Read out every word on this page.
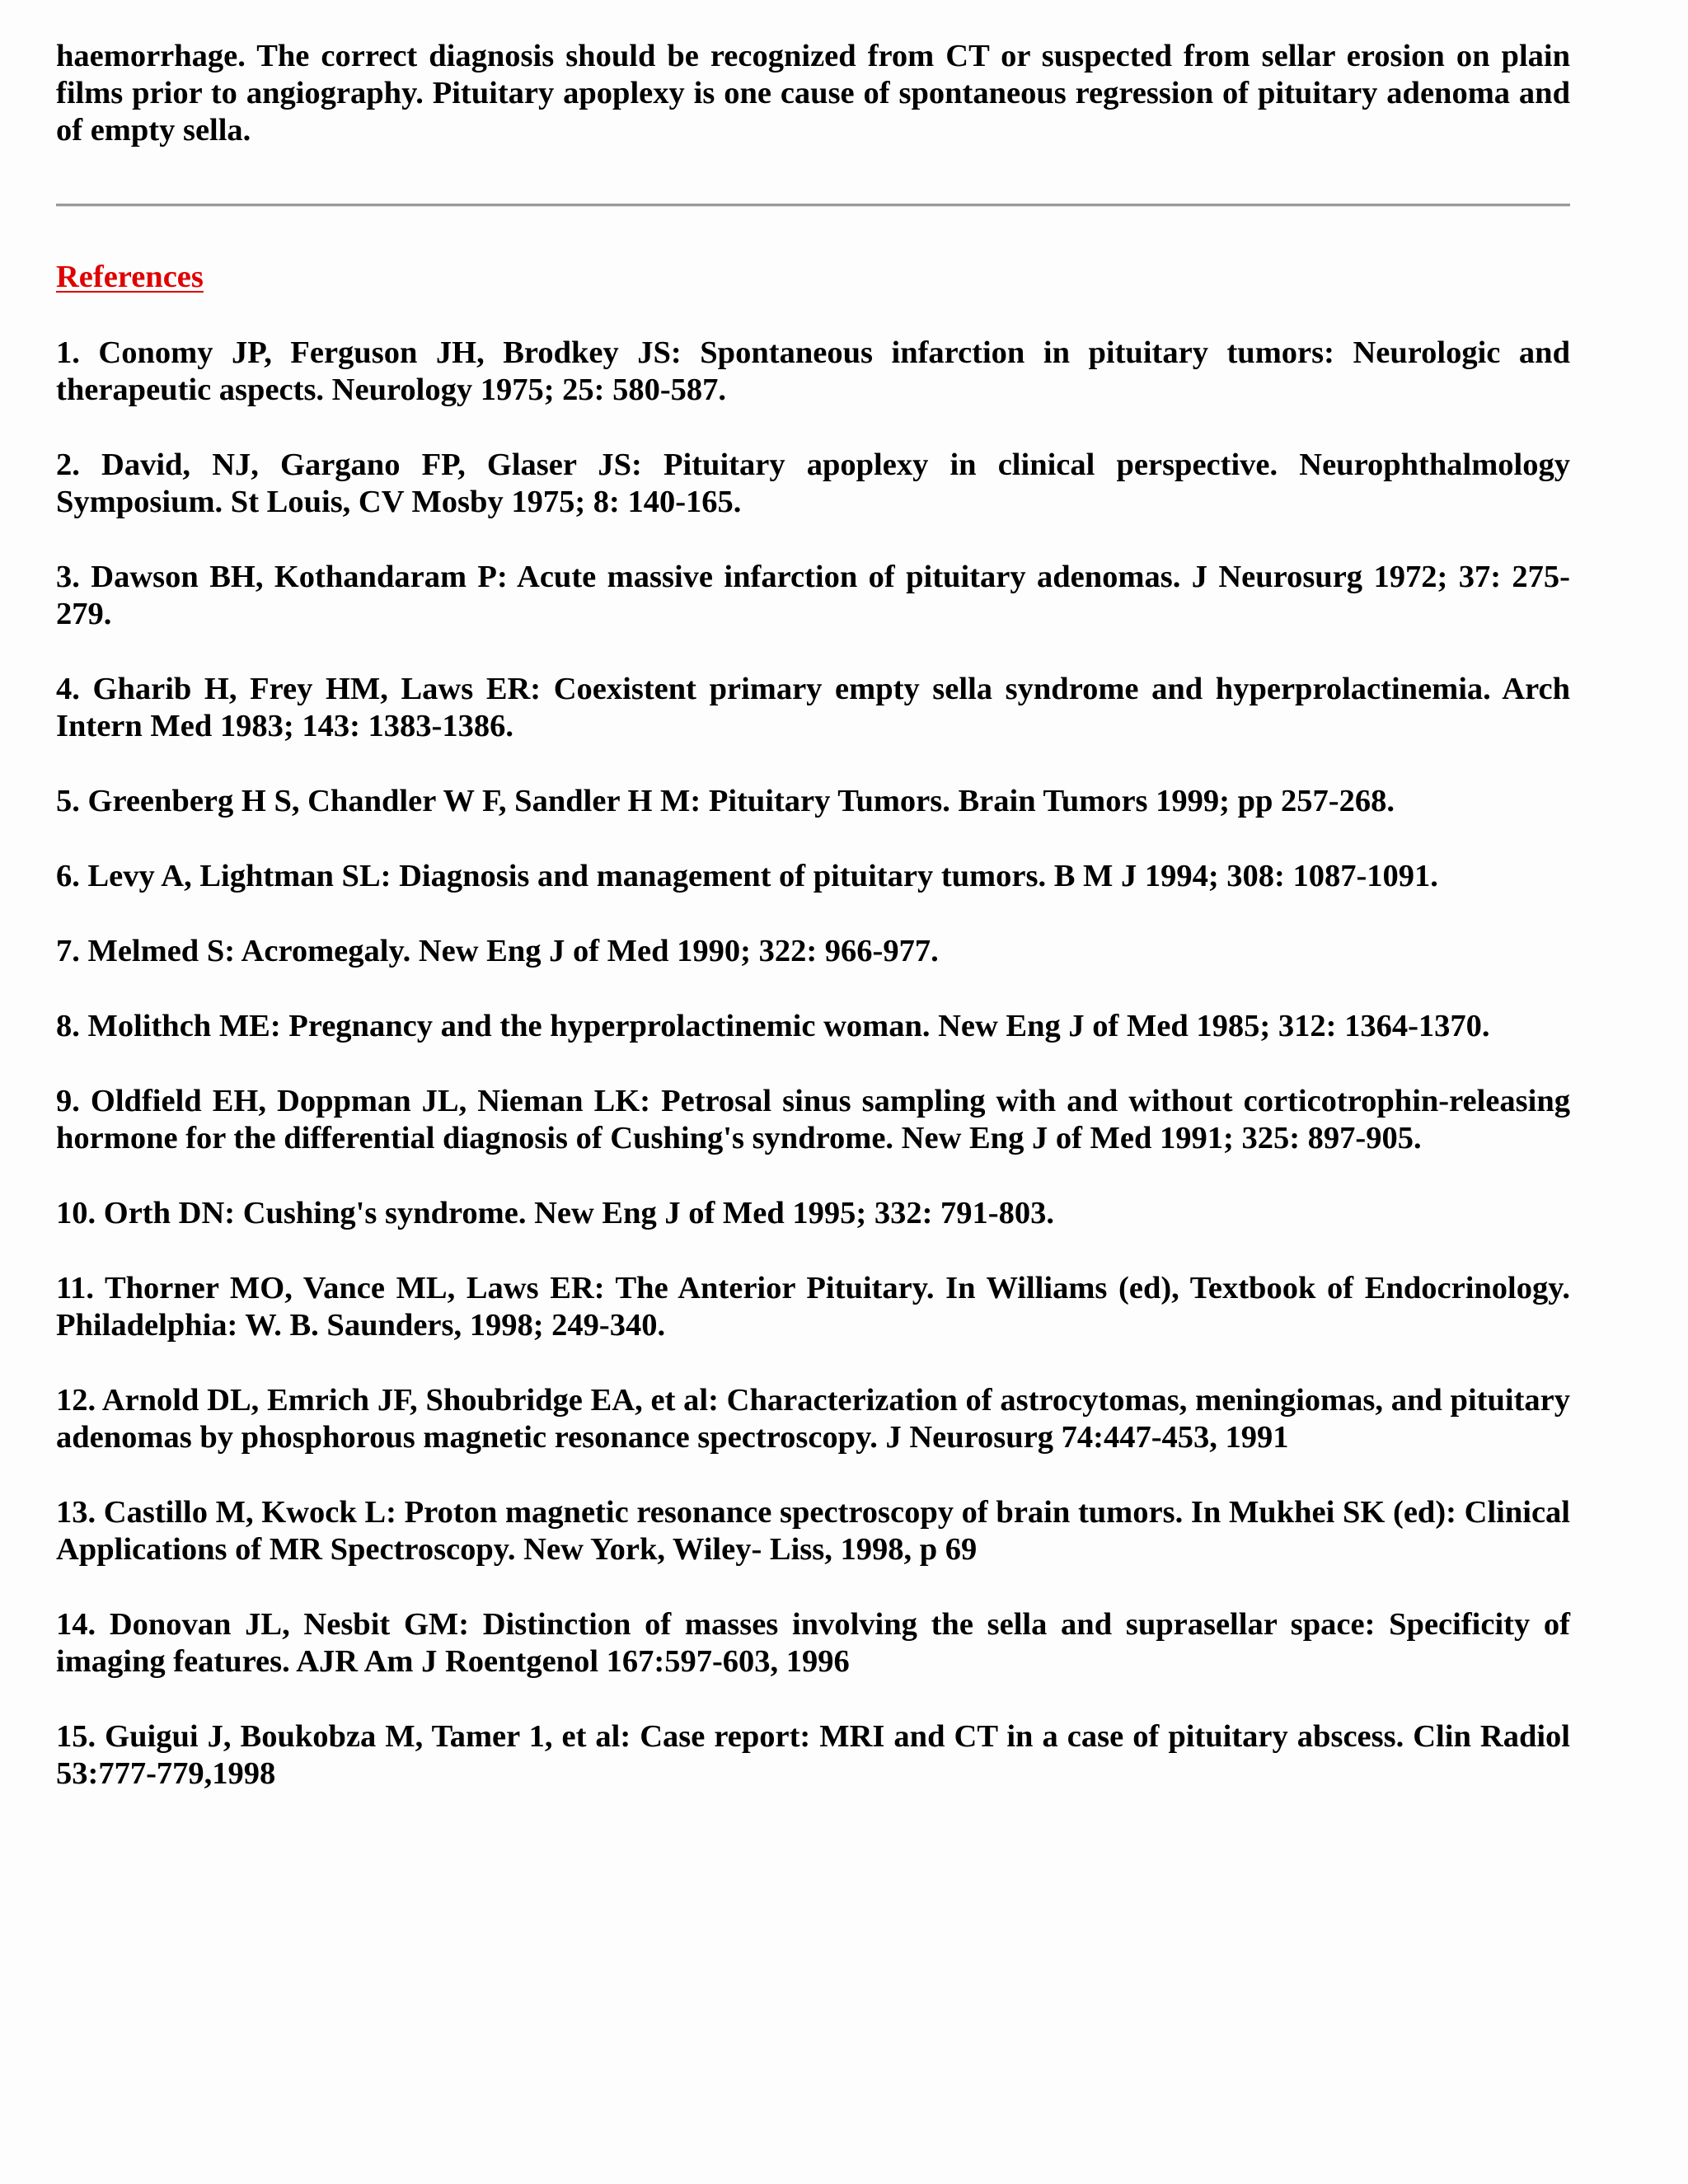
haemorrhage. The correct diagnosis should be recognized from CT or suspected from sellar erosion on plain films prior to angiography. Pituitary apoplexy is one cause of spontaneous regression of pituitary adenoma and of empty sella.

References
1. Conomy JP, Ferguson JH, Brodkey JS: Spontaneous infarction in pituitary tumors: Neurologic and therapeutic aspects. Neurology 1975; 25: 580-587.
2. David, NJ, Gargano FP, Glaser JS: Pituitary apoplexy in clinical perspective. Neurophthalmology Symposium. St Louis, CV Mosby 1975; 8: 140-165.
3. Dawson BH, Kothandaram P: Acute massive infarction of pituitary adenomas. J Neurosurg 1972; 37: 275-279.
4. Gharib H, Frey HM, Laws ER: Coexistent primary empty sella syndrome and hyperprolactinemia. Arch Intern Med 1983; 143: 1383-1386.
5. Greenberg H S, Chandler W F, Sandler H M: Pituitary Tumors. Brain Tumors 1999; pp 257-268.
6. Levy A, Lightman SL: Diagnosis and management of pituitary tumors. B M J 1994; 308: 1087-1091.
7. Melmed S: Acromegaly. New Eng J of Med 1990; 322: 966-977.
8. Molithch ME: Pregnancy and the hyperprolactinemic woman. New Eng J of Med 1985; 312: 1364-1370.
9. Oldfield EH, Doppman JL, Nieman LK: Petrosal sinus sampling with and without corticotrophin-releasing hormone for the differential diagnosis of Cushing's syndrome. New Eng J of Med 1991; 325: 897-905.
10. Orth DN: Cushing's syndrome. New Eng J of Med 1995; 332: 791-803.
11. Thorner MO, Vance ML, Laws ER: The Anterior Pituitary. In Williams (ed), Textbook of Endocrinology. Philadelphia: W. B. Saunders, 1998; 249-340.
12. Arnold DL, Emrich JF, Shoubridge EA, et al: Characterization of astrocytomas, meningiomas, and pituitary adenomas by phosphorous magnetic resonance spectroscopy. J Neurosurg 74:447-453, 1991
13. Castillo M, Kwock L: Proton magnetic resonance spectroscopy of brain tumors. In Mukhei SK (ed): Clinical Applications of MR Spectroscopy. New York, Wiley- Liss, 1998, p 69
14. Donovan JL, Nesbit GM: Distinction of masses involving the sella and suprasellar space: Specificity of imaging features. AJR Am J Roentgenol 167:597-603, 1996
15. Guigui J, Boukobza M, Tamer 1, et al: Case report: MRI and CT in a case of pituitary abscess. Clin Radiol 53:777-779,1998
